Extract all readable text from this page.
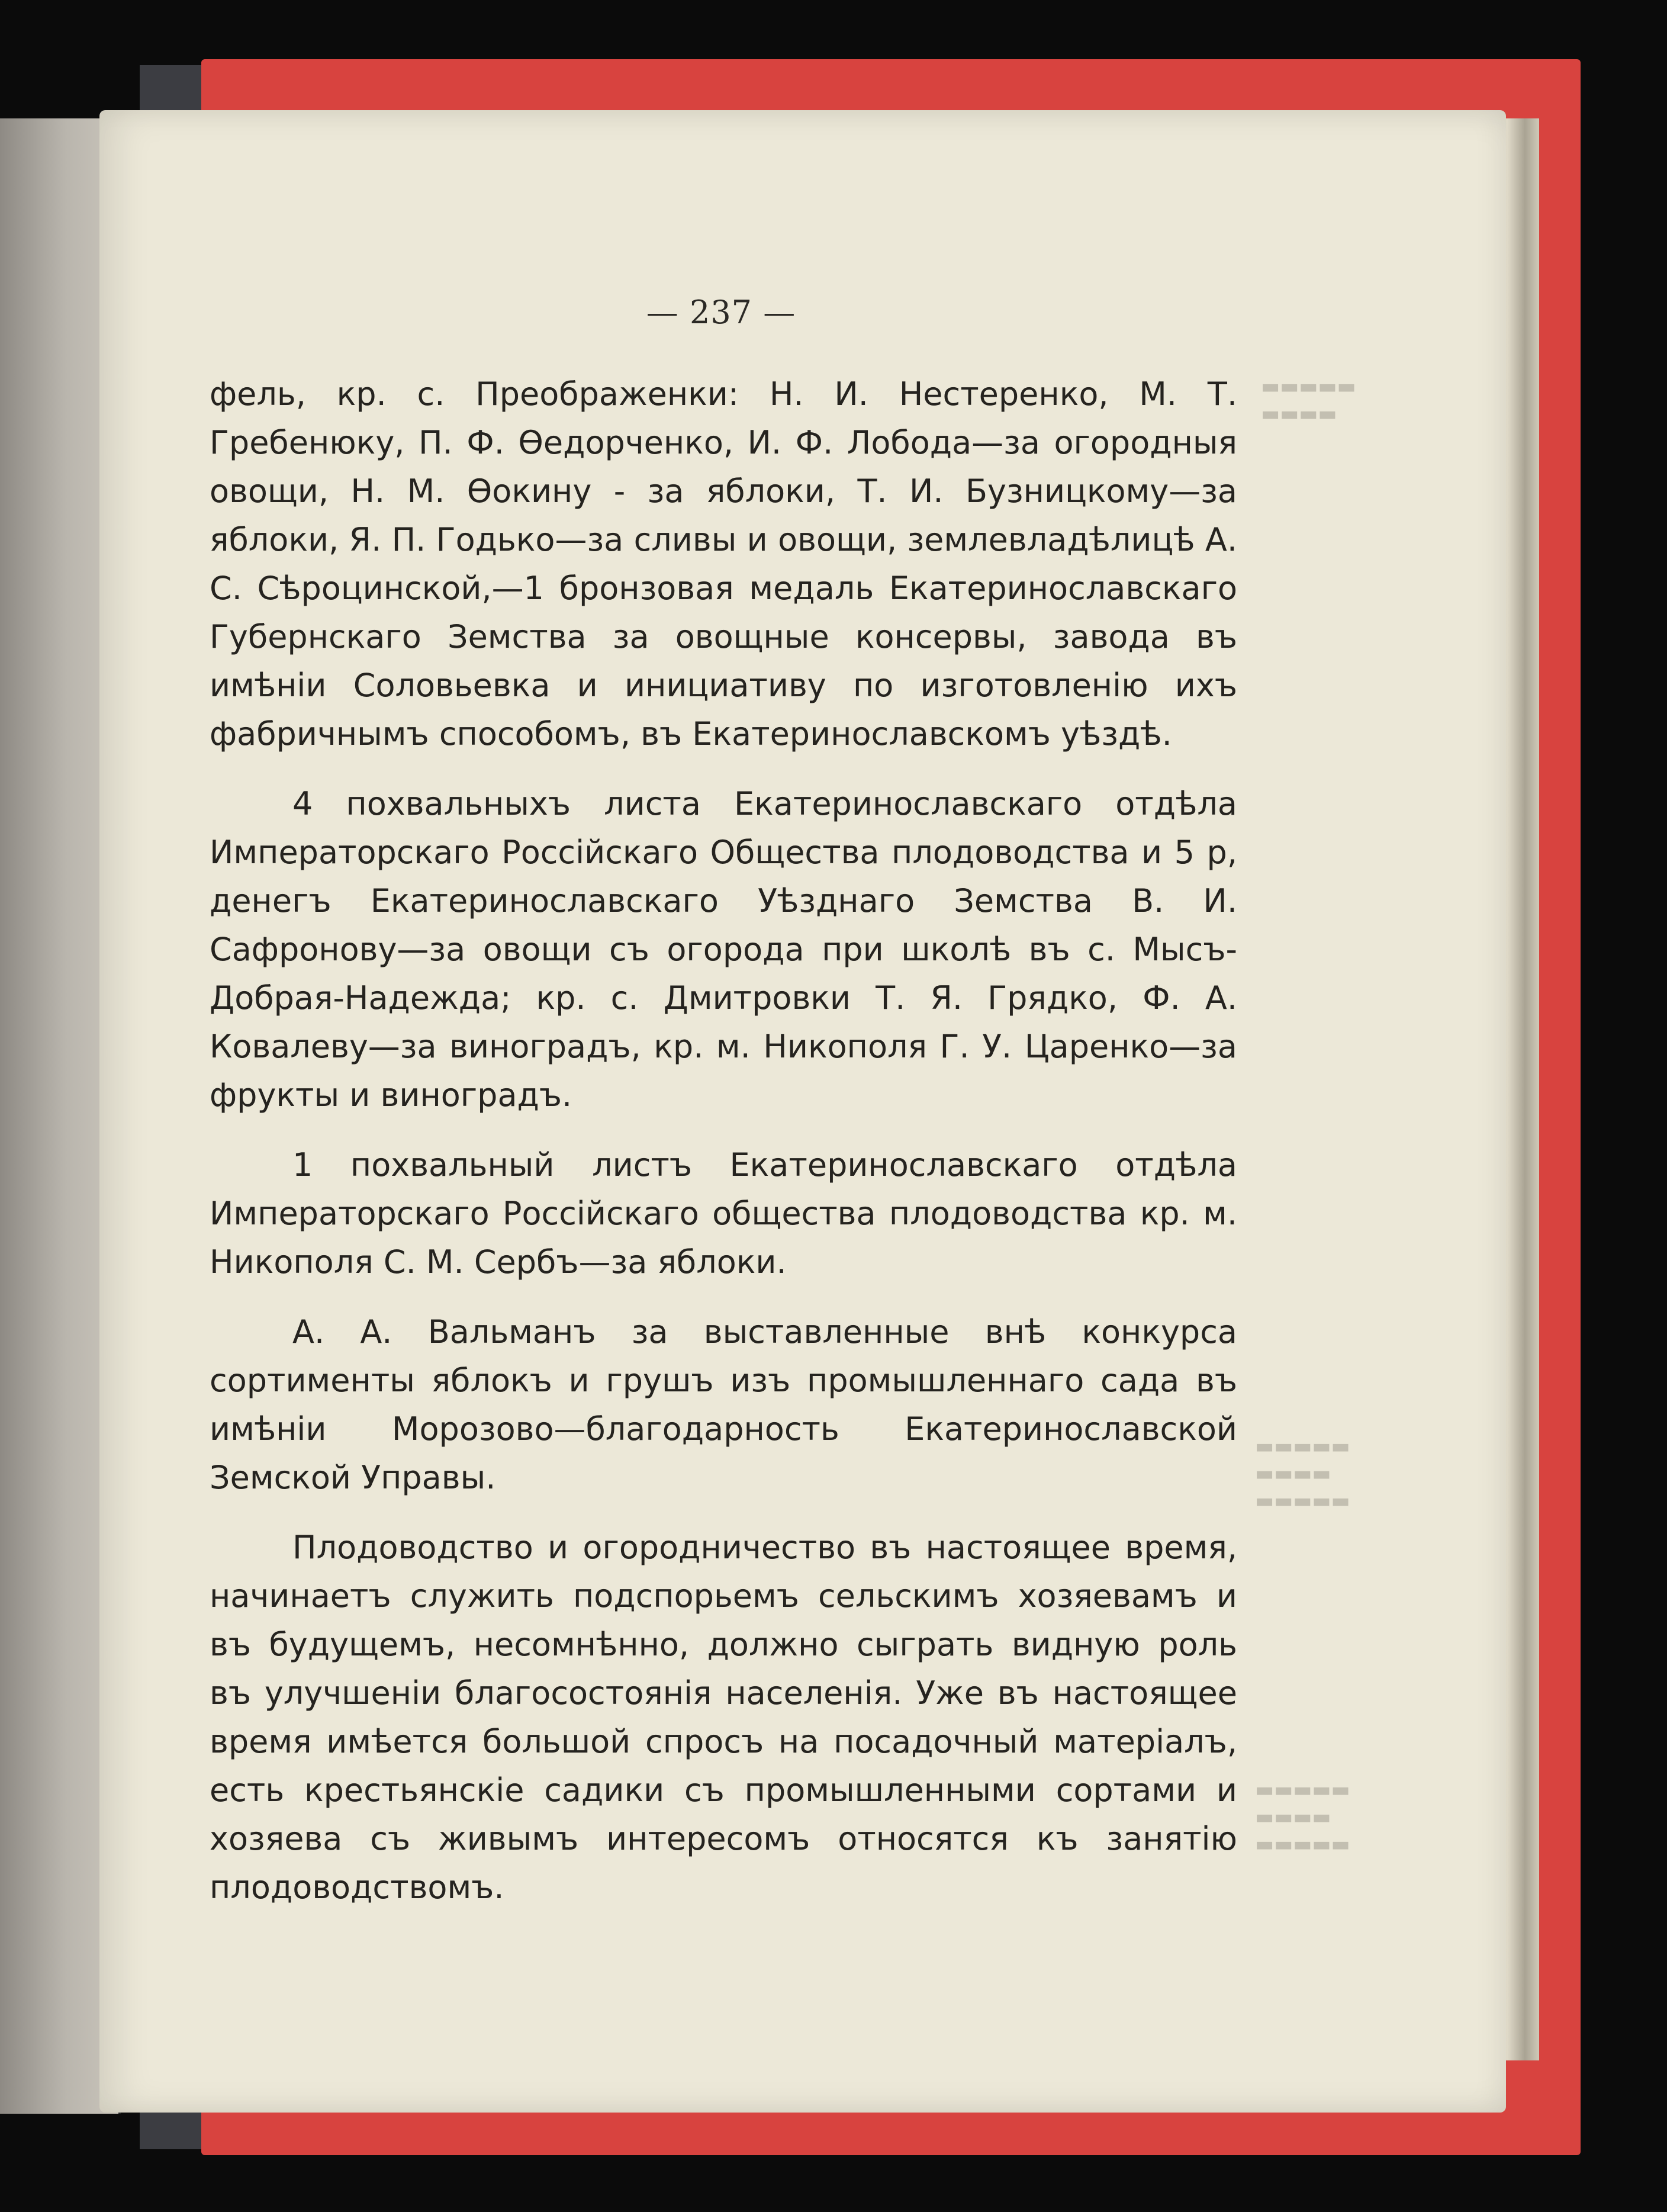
▬▬▬▬▬
▬▬▬▬
▬▬▬▬▬
▬▬▬▬
▬▬▬▬▬
▬▬▬▬▬
▬▬▬▬
▬▬▬▬▬
— 237 —

фель, кр. с. Преображенки: Н. И. Нестеренко, М. Т. Гребенюку, П. Ф. Өедорченко, И. Ф. Лобода—за огородныя овощи, Н. М. Өокину - за яблоки, Т. И. Бузницкому—за яблоки, Я. П. Годько—за сливы и овощи, землевладѣлицѣ А. С. Сѣроцинской,—1 бронзовая медаль Екатеринославскаго Губернскаго Земства за овощные консервы, завода въ имѣніи Соловьевка и инициативу по изготовленію ихъ фабричнымъ способомъ, въ Екатеринославскомъ уѣздѣ.

4 похвальныхъ листа Екатеринославскаго отдѣла Императорскаго Россійскаго Общества плодоводства и 5 р, денегъ Екатеринославскаго Уѣзднаго Земства В. И. Сафронову—за овощи съ огорода при школѣ въ с. Мысъ-Добрая-Надежда; кр. с. Дмитровки Т. Я. Грядко, Ф. А. Ковалеву—за виноградъ, кр. м. Никополя Г. У. Царенко—за фрукты и виноградъ.

1 похвальный листъ Екатеринославскаго отдѣла Императорскаго Россійскаго общества плодоводства кр. м. Никополя С. М. Сербъ—за яблоки.

А. А. Вальманъ за выставленные внѣ конкурса сортименты яблокъ и грушъ изъ промышленнаго сада въ имѣніи Морозово—благодарность Екатеринославской Земской Управы.

Плодоводство и огородничество въ настоящее время, начинаетъ служить подспорьемъ сельскимъ хозяевамъ и въ будущемъ, несомнѣнно, должно сыграть видную роль въ улучшеніи благосостоянія населенія. Уже въ настоящее время имѣется большой спросъ на посадочный матеріалъ, есть крестьянскіе садики съ промышленными сортами и хозяева съ живымъ интересомъ относятся къ занятію плодоводствомъ.
